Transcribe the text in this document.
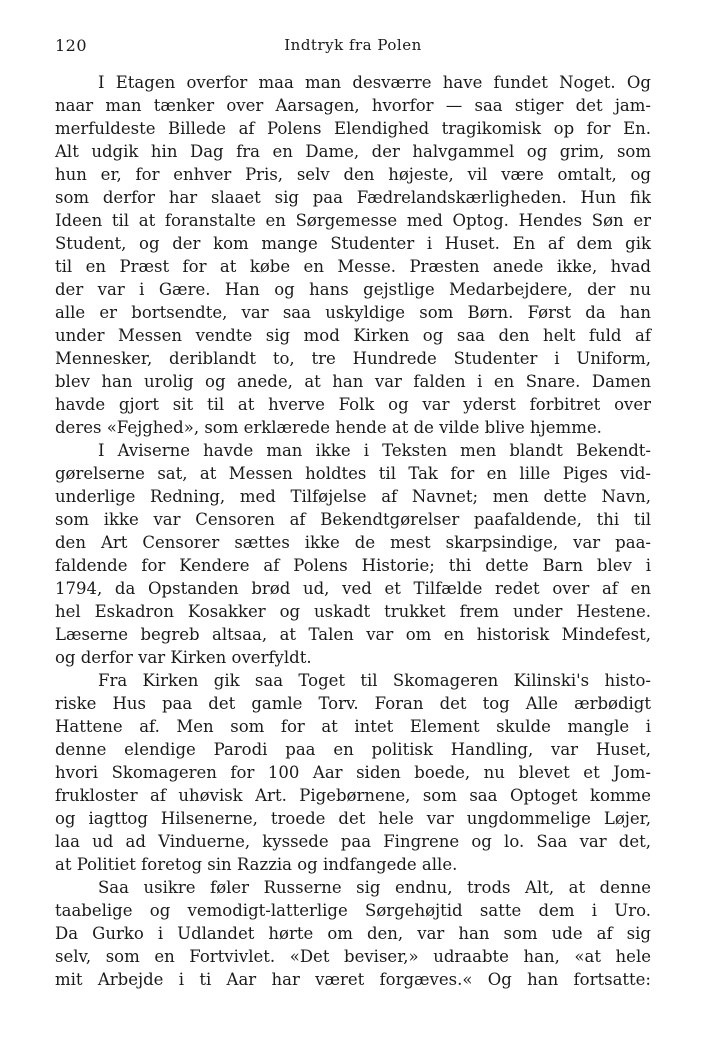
120	Indtryk fra Polen
I Etagen overfor maa man desværre have fundet Noget. Og
naar man tænker over Aarsagen, hvorfor — saa stiger det jam-
merfuldeste Billede af Polens Elendighed tragikomisk op for En.
Alt udgik hin Dag fra en Dame, der halvgammel og grim, som
hun er, for enhver Pris, selv den højeste, vil være omtalt, og
som derfor har slaaet sig paa Fædrelandskærligheden. Hun fik
Ideen til at foranstalte en Sørgemesse med Optog. Hendes Søn er
Student, og der kom mange Studenter i Huset. En af dem gik
til en Præst for at købe en Messe. Præsten anede ikke, hvad
der var i Gære. Han og hans gejstlige Medarbejdere, der nu
alle er bortsendte, var saa uskyldige som Børn. Først da han
under Messen vendte sig mod Kirken og saa den helt fuld af
Mennesker, deriblandt to, tre Hundrede Studenter i Uniform,
blev han urolig og anede, at han var falden i en Snare. Damen
havde gjort sit til at hverve Folk og var yderst forbitret over
deres «Fejghed», som erklærede hende at de vilde blive hjemme.
I Aviserne havde man ikke i Teksten men blandt Bekendt-
gørelserne sat, at Messen holdtes til Tak for en lille Piges vid-
underlige Redning, med Tilføjelse af Navnet; men dette Navn,
som ikke var Censoren af Bekendtgørelser paafaldende, thi til
den Art Censorer sættes ikke de mest skarpsindige, var paa-
faldende for Kendere af Polens Historie; thi dette Barn blev i
1794, da Opstanden brød ud, ved et Tilfælde redet over af en
hel Eskadron Kosakker og uskadt trukket frem under Hestene.
Læserne begreb altsaa, at Talen var om en historisk Mindefest,
og derfor var Kirken overfyldt.
Fra Kirken gik saa Toget til Skomageren Kilinski's histo-
riske Hus paa det gamle Torv. Foran det tog Alle ærbødigt
Hattene af. Men som for at intet Element skulde mangle i
denne elendige Parodi paa en politisk Handling, var Huset,
hvori Skomageren for 100 Aar siden boede, nu blevet et Jom-
frukloster af uhøvisk Art. Pigebørnene, som saa Optoget komme
og iagttog Hilsenerne, troede det hele var ungdommelige Løjer,
laa ud ad Vinduerne, kyssede paa Fingrene og lo. Saa var det,
at Politiet foretog sin Razzia og indfangede alle.
Saa usikre føler Russerne sig endnu, trods Alt, at denne
taabelige og vemodigt-latterlige Sørgehøjtid satte dem i Uro.
Da Gurko i Udlandet hørte om den, var han som ude af sig
selv, som en Fortvivlet. «Det beviser,» udraabte han, «at hele
mit Arbejde i ti Aar har været forgæves.« Og han fortsatte:
